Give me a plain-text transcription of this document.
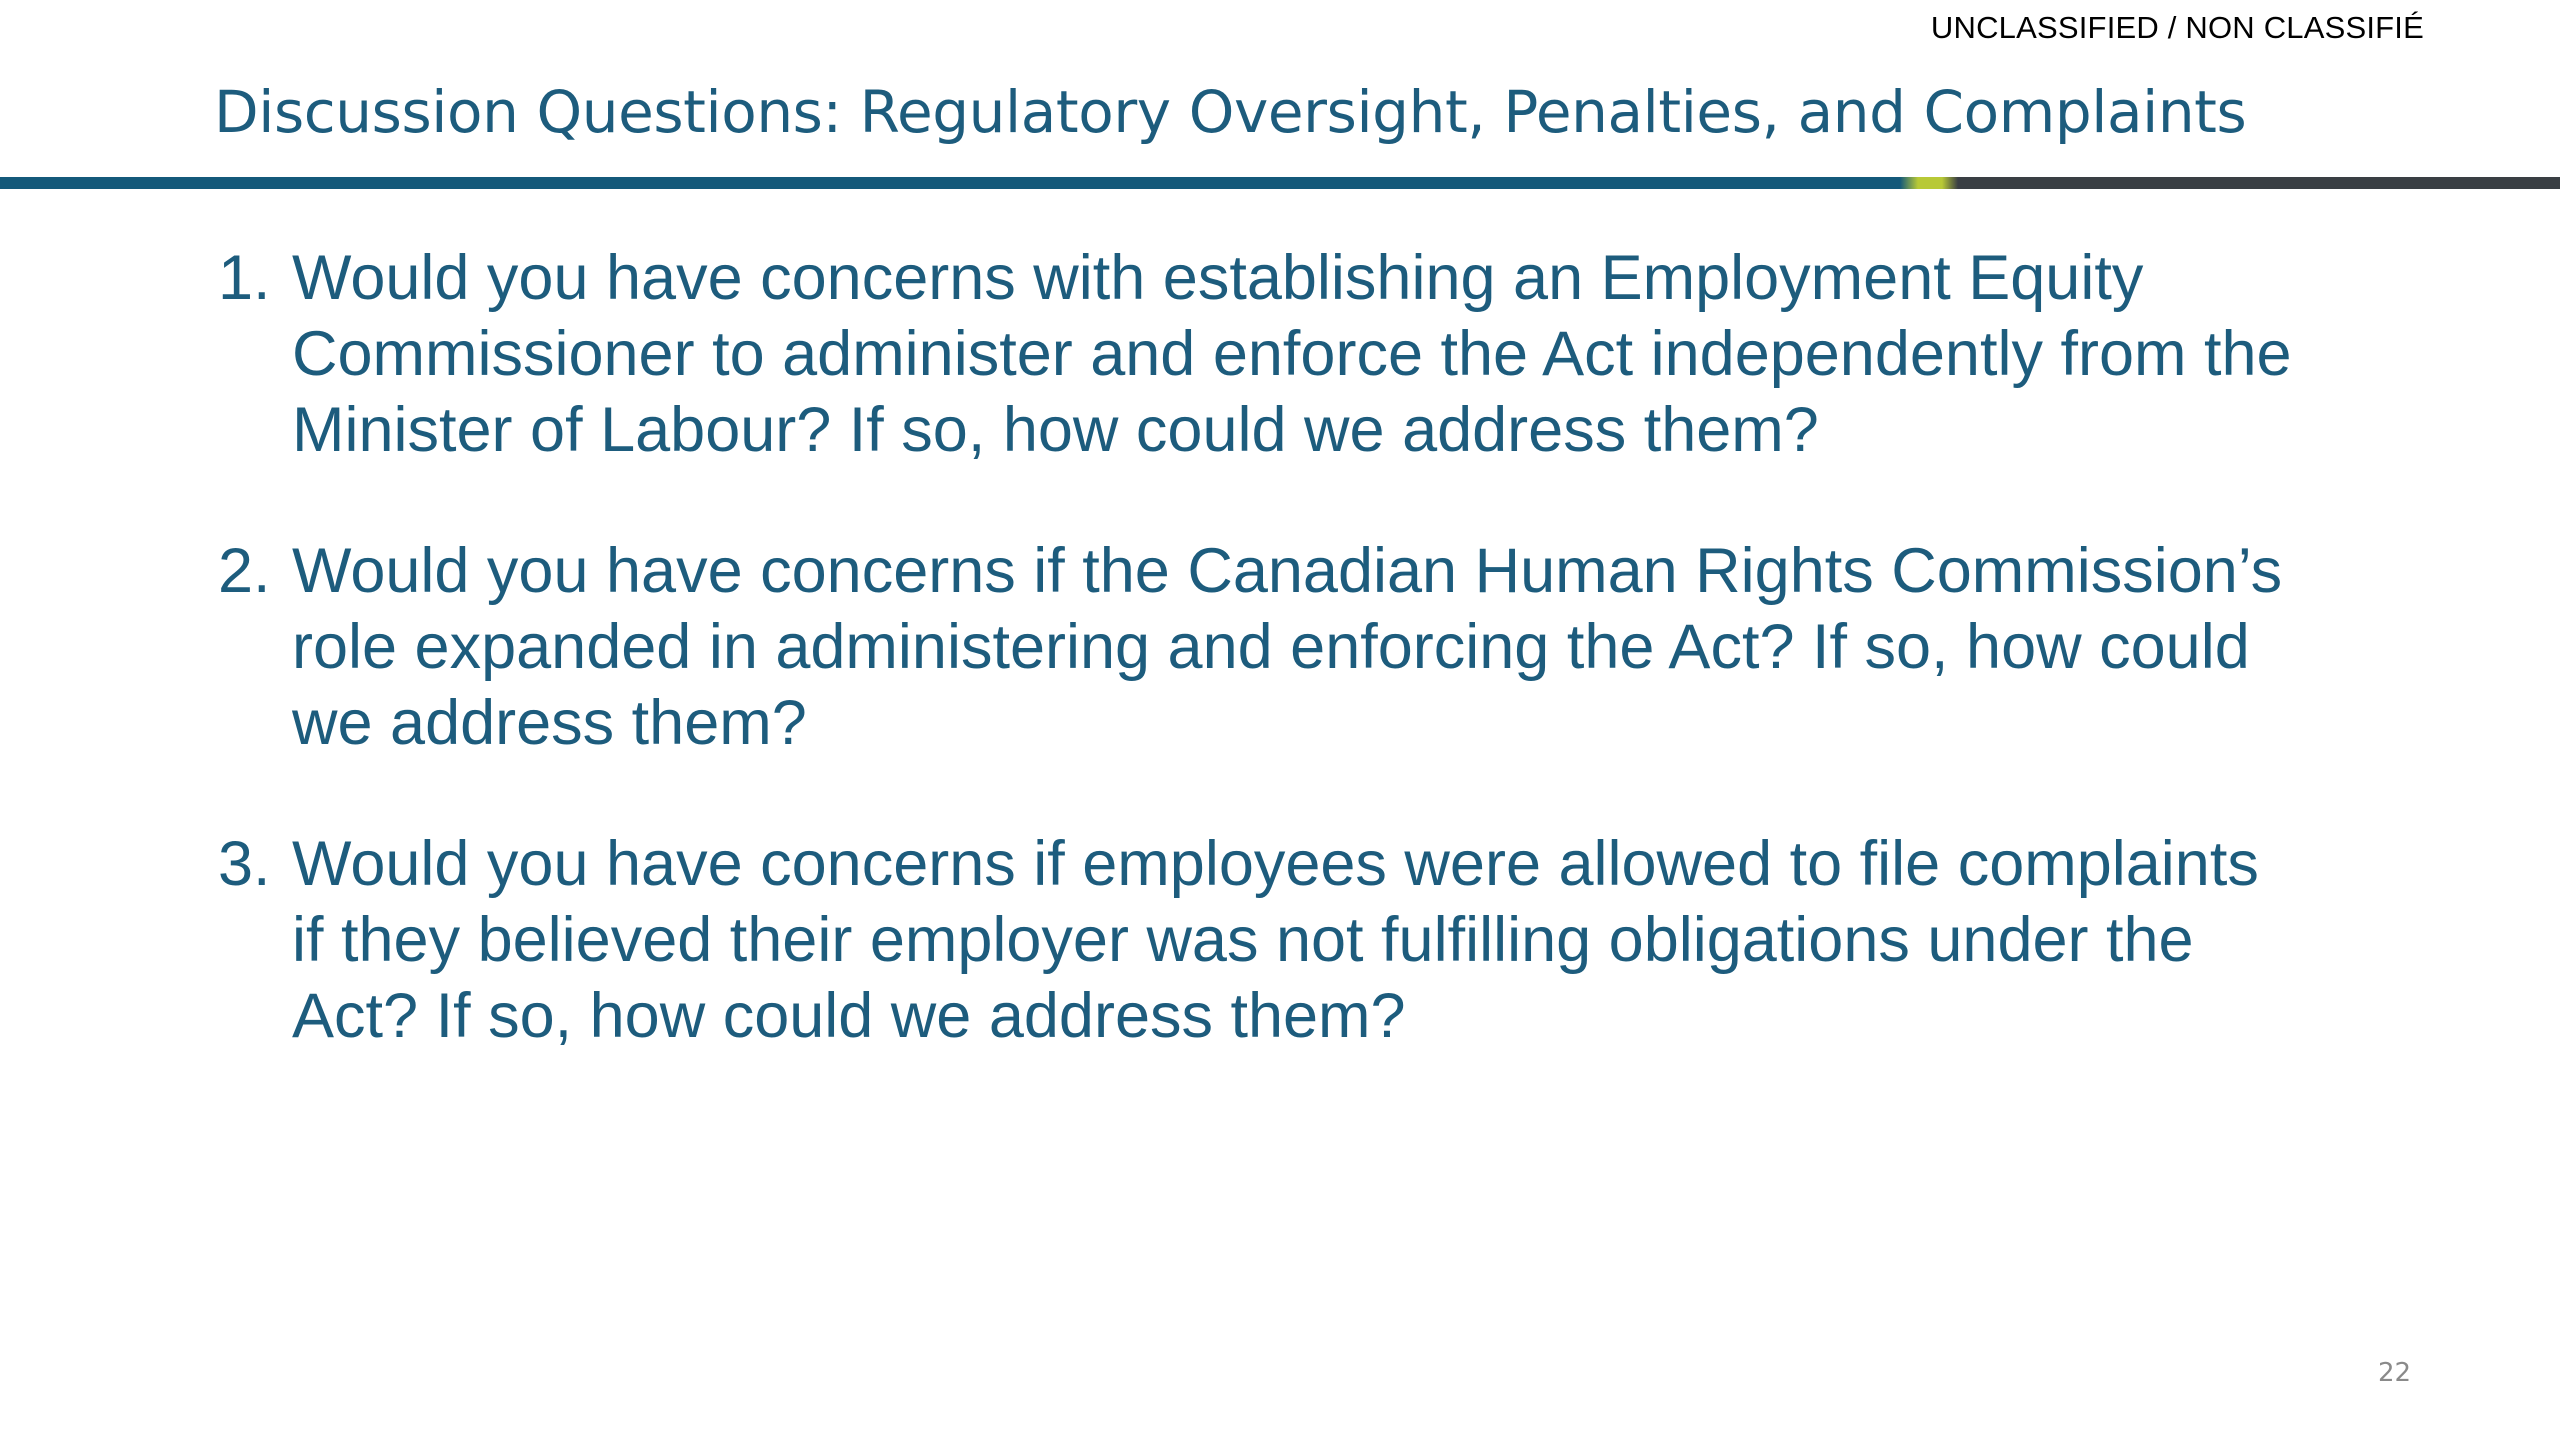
UNCLASSIFIED / NON CLASSIFIÉ
Discussion Questions: Regulatory Oversight, Penalties, and Complaints
1. Would you have concerns with establishing an Employment Equity
Commissioner to administer and enforce the Act independently from the
Minister of Labour? If so, how could we address them?
2. Would you have concerns if the Canadian Human Rights Commission’s
role expanded in administering and enforcing the Act? If so, how could
we address them?
3. Would you have concerns if employees were allowed to file complaints
if they believed their employer was not fulfilling obligations under the
Act? If so, how could we address them?
22
